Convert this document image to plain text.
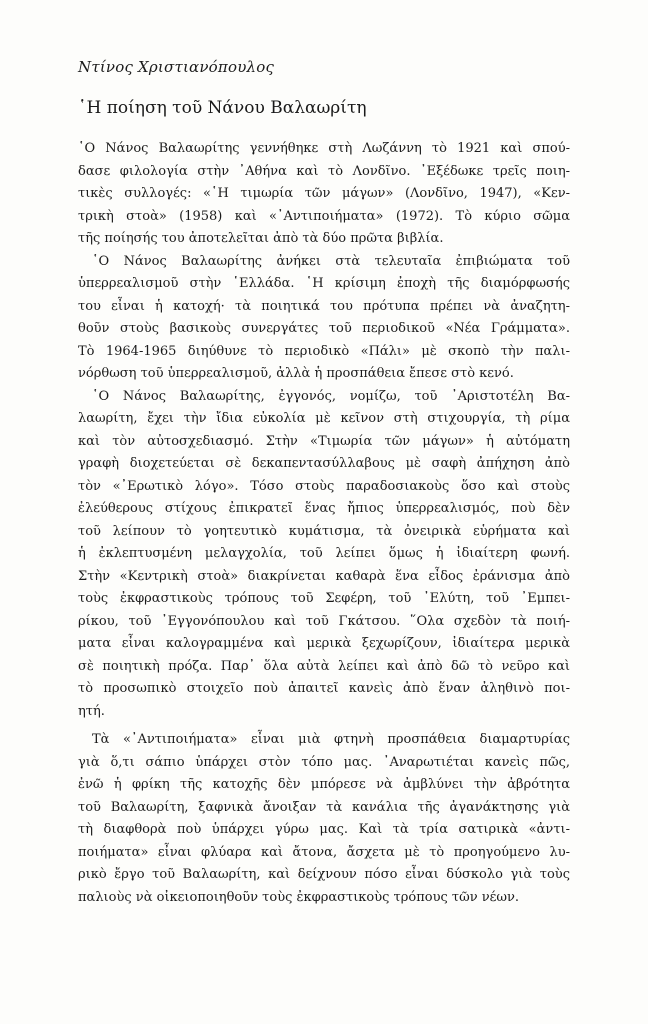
Ντίνος Χριστιανόπουλος
῾Η ποίηση τοῦ Νάνου Βαλαωρίτη
῾Ο Νάνος Βαλαωρίτης γεννήθηκε στὴ Λωζάννη τὸ 1921 καὶ σπού-
δασε φιλολογία στὴν ᾿Αθήνα καὶ τὸ Λονδῖνο. ᾿Εξέδωκε τρεῖς ποιη-
τικὲς συλλογές: «῾Η τιμωρία τῶν μάγων» (Λονδῖνο, 1947), «Κεν-
τρικὴ στοὰ» (1958) καὶ «᾿Αντιποιήματα» (1972). Τὸ κύριο σῶμα
τῆς ποίησής του ἀποτελεῖται ἀπὸ τὰ δύο πρῶτα βιβλία.
῾Ο Νάνος Βαλαωρίτης ἀνήκει στὰ τελευταῖα ἐπιβιώματα τοῦ
ὑπερρεαλισμοῦ στὴν ῾Ελλάδα. ῾Η κρίσιμη ἐποχὴ τῆς διαμόρφωσής
του εἶναι ἡ κατοχή· τὰ ποιητικά του πρότυπα πρέπει νὰ ἀναζητη-
θοῦν στοὺς βασικοὺς συνεργάτες τοῦ περιοδικοῦ «Νέα Γράμματα».
Τὸ 1964-1965 διηύθυνε τὸ περιοδικὸ «Πάλι» μὲ σκοπὸ τὴν παλι-
νόρθωση τοῦ ὑπερρεαλισμοῦ, ἀλλὰ ἡ προσπάθεια ἔπεσε στὸ κενό.
῾Ο Νάνος Βαλαωρίτης, ἐγγονός, νομίζω, τοῦ ᾿Αριστοτέλη Βα-
λαωρίτη, ἔχει τὴν ἴδια εὐκολία μὲ κεῖνον στὴ στιχουργία, τὴ ρίμα
καὶ τὸν αὐτοσχεδιασμό. Στὴν «Τιμωρία τῶν μάγων» ἡ αὐτόματη
γραφὴ διοχετεύεται σὲ δεκαπεντασύλλαβους μὲ σαφὴ ἀπήχηση ἀπὸ
τὸν «᾿Ερωτικὸ λόγο». Τόσο στοὺς παραδοσιακοὺς ὅσο καὶ στοὺς
ἐλεύθερους στίχους ἐπικρατεῖ ἕνας ἤπιος ὑπερρεαλισμός, ποὺ δὲν
τοῦ λείπουν τὸ γοητευτικὸ κυμάτισμα, τὰ ὀνειρικὰ εὑρήματα καὶ
ἡ ἐκλεπτυσμένη μελαγχολία, τοῦ λείπει ὅμως ἡ ἰδιαίτερη φωνή.
Στὴν «Κεντρικὴ στοὰ» διακρίνεται καθαρὰ ἕνα εἶδος ἐράνισμα ἀπὸ
τοὺς ἐκφραστικοὺς τρόπους τοῦ Σεφέρη, τοῦ ᾿Ελύτη, τοῦ ᾿Εμπει-
ρίκου, τοῦ ᾿Εγγονόπουλου καὶ τοῦ Γκάτσου. ῞Ολα σχεδὸν τὰ ποιή-
ματα εἶναι καλογραμμένα καὶ μερικὰ ξεχωρίζουν, ἰδιαίτερα μερικὰ
σὲ ποιητικὴ πρόζα. Παρ᾿ ὅλα αὐτὰ λείπει καὶ ἀπὸ δῶ τὸ νεῦρο καὶ
τὸ προσωπικὸ στοιχεῖο ποὺ ἀπαιτεῖ κανεὶς ἀπὸ ἕναν ἀληθινὸ ποι-
ητή.
Τὰ «᾿Αντιποιήματα» εἶναι μιὰ φτηνὴ προσπάθεια διαμαρτυρίας
γιὰ ὅ,τι σάπιο ὑπάρχει στὸν τόπο μας. ᾿Αναρωτιέται κανεὶς πῶς,
ἐνῶ ἡ φρίκη τῆς κατοχῆς δὲν μπόρεσε νὰ ἀμβλύνει τὴν ἀβρότητα
τοῦ Βαλαωρίτη, ξαφνικὰ ἄνοιξαν τὰ κανάλια τῆς ἀγανάκτησης γιὰ
τὴ διαφθορὰ ποὺ ὑπάρχει γύρω μας. Καὶ τὰ τρία σατιρικὰ «ἀντι-
ποιήματα» εἶναι φλύαρα καὶ ἄτονα, ἄσχετα μὲ τὸ προηγούμενο λυ-
ρικὸ ἔργο τοῦ Βαλαωρίτη, καὶ δείχνουν πόσο εἶναι δύσκολο γιὰ τοὺς
παλιοὺς νὰ οἰκειοποιηθοῦν τοὺς ἐκφραστικοὺς τρόπους τῶν νέων.
